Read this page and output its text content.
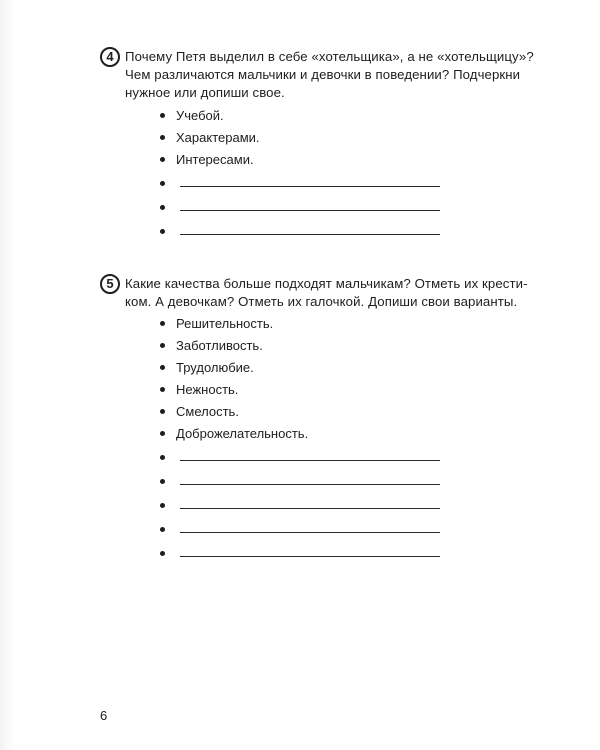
4 Почему Петя выделил в себе «хотельщика», а не «хотельщицу»? Чем различаются мальчики и девочки в поведении? Подчеркни нужное или допиши свое.
Учебой.
Характерами.
Интересами.
5 Какие качества больше подходят мальчикам? Отметь их крестиком. А девочкам? Отметь их галочкой. Допиши свои варианты.
Решительность.
Заботливость.
Трудолюбие.
Нежность.
Смелость.
Доброжелательность.
6
